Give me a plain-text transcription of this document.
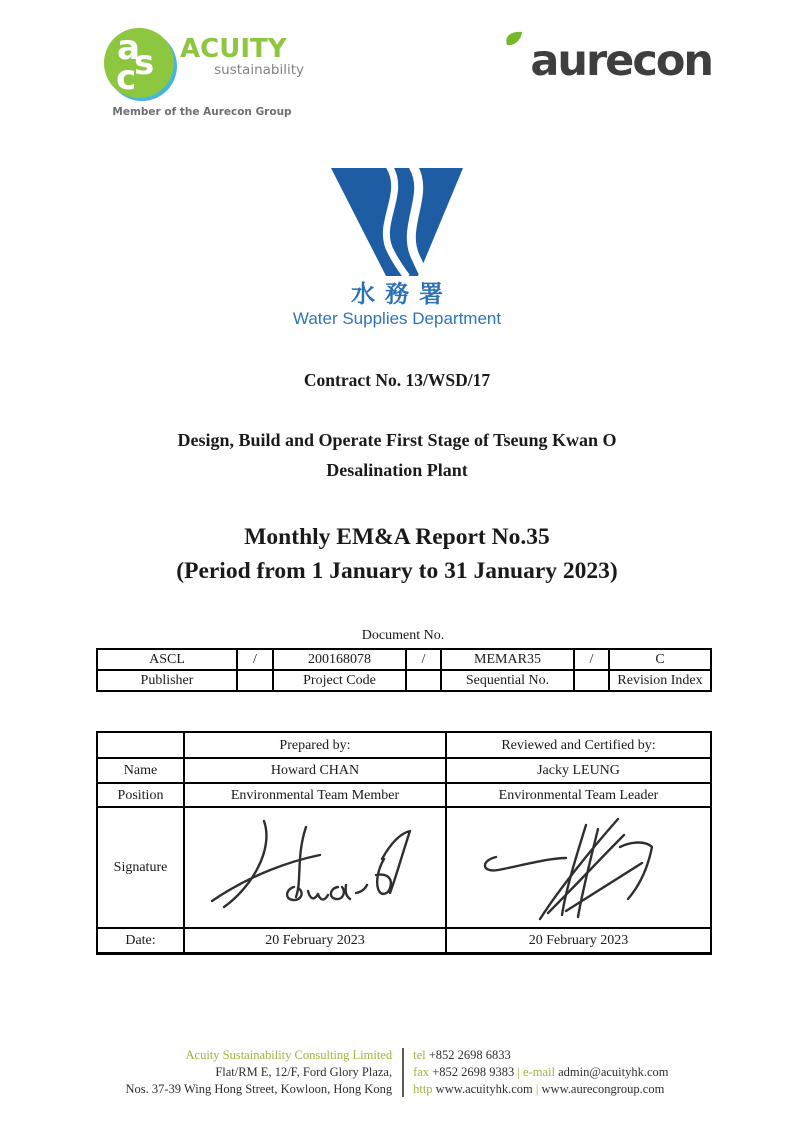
a
s
c
ACUITY
sustainability
Member of the Aurecon Group
aurecon
水務署
Water Supplies Department
Contract No. 13/WSD/17
Design, Build and Operate First Stage of Tseung Kwan O
Desalination Plant
Monthly EM&A Report No.35
(Period from 1 January to 31 January 2023)
Document No.
ASCL	/	200168078	/	MEMAR35	/	C
Publisher		Project Code		Sequential No.		Revision Index
	Prepared by:	Reviewed and Certified by:
Name	Howard CHAN	Jacky LEUNG
Position	Environmental Team Member	Environmental Team Leader
Signature	

Date:	20 February 2023	20 February 2023
Acuity Sustainability Consulting Limited
Flat/RM E, 12/F, Ford Glory Plaza,
Nos. 37-39 Wing Hong Street, Kowloon, Hong Kong
tel +852 2698 6833
fax +852 2698 9383 | e-mail admin@acuityhk.com
http www.acuityhk.com | www.aurecongroup.com
